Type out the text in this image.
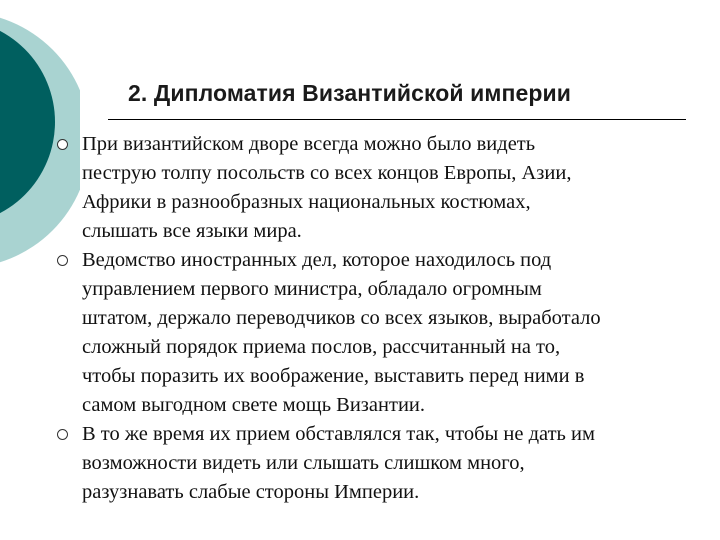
2. Дипломатия Византийской империи
При византийском дворе всегда можно было видеть
пеструю толпу посольств со всех концов Европы, Азии,
Африки в разнообразных национальных костюмах,
слышать все языки мира.
Ведомство иностранных дел, которое находилось под
управлением первого министра, обладало огромным
штатом, держало переводчиков со всех языков, выработало
сложный порядок приема послов, рассчитанный на то,
чтобы поразить их воображение, выставить перед ними в
самом выгодном свете мощь Византии.
В то же время их прием обставлялся так, чтобы не дать им
возможности видеть или слышать слишком много,
разузнавать слабые стороны Империи.
